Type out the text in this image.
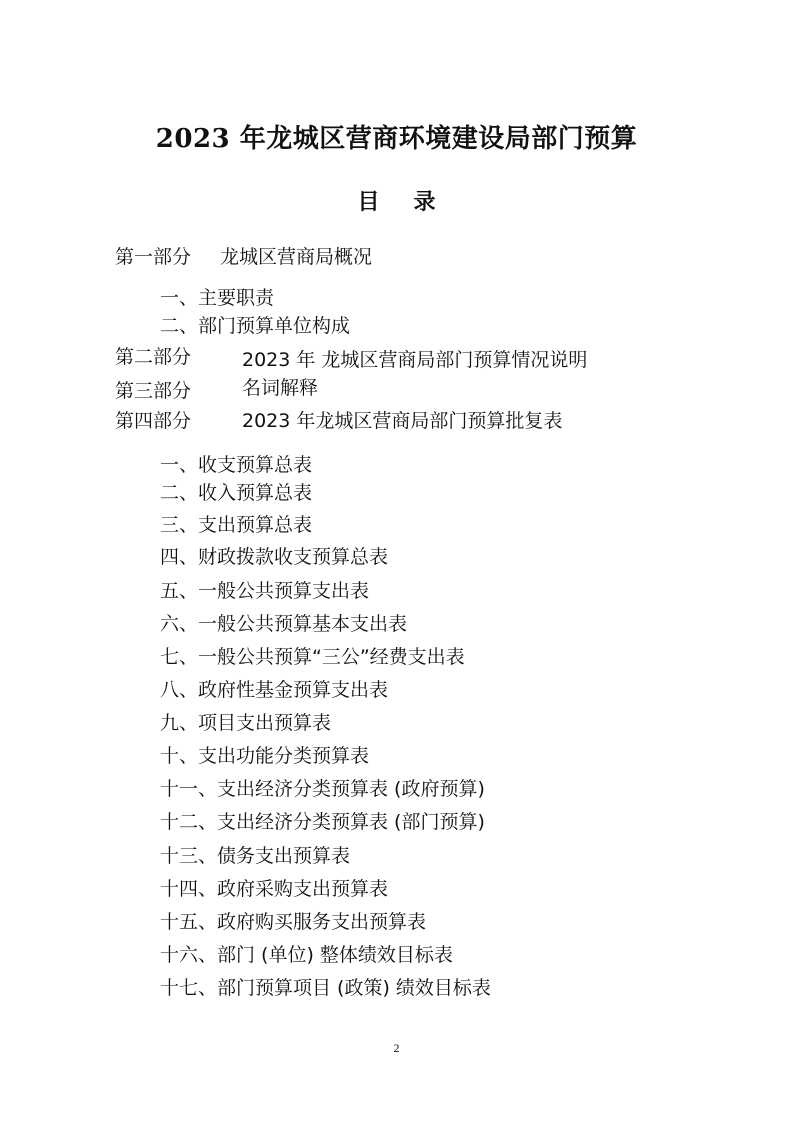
2023 年龙城区营商环境建设局部门预算
目 录
第一部分 龙城区营商局概况
一、主要职责
二、部门预算单位构成
第二部分	2023 年 龙城区营商局部门预算情况说明
第三部分	名词解释
第四部分	2023 年龙城区营商局部门预算批复表
一、收支预算总表
二、收入预算总表
三、支出预算总表
四、财政拨款收支预算总表
五、一般公共预算支出表
六、一般公共预算基本支出表
七、一般公共预算“三公”经费支出表
八、政府性基金预算支出表
九、项目支出预算表
十、支出功能分类预算表
十一、支出经济分类预算表 (政府预算)
十二、支出经济分类预算表 (部门预算)
十三、债务支出预算表
十四、政府采购支出预算表
十五、政府购买服务支出预算表
十六、部门 (单位) 整体绩效目标表
十七、部门预算项目 (政策) 绩效目标表
2
